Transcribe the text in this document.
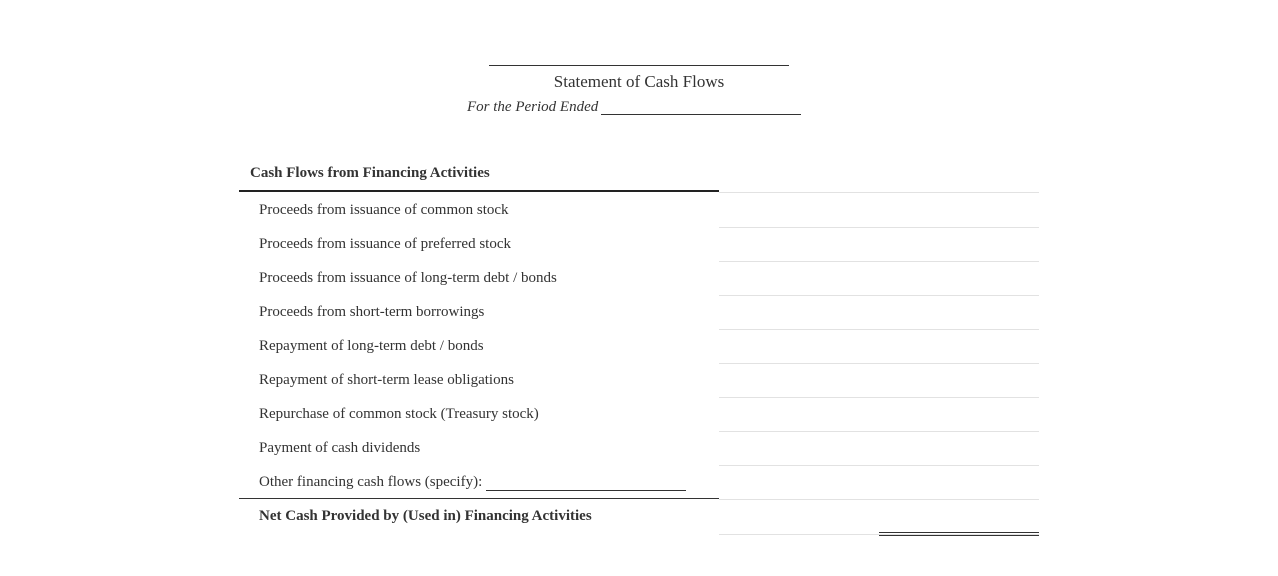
Statement of Cash Flows
For the Period Ended
Cash Flows from Financing Activities
Proceeds from issuance of common stock
Proceeds from issuance of preferred stock
Proceeds from issuance of long-term debt / bonds
Proceeds from short-term borrowings
Repayment of long-term debt / bonds
Repayment of short-term lease obligations
Repurchase of common stock (Treasury stock)
Payment of cash dividends
Other financing cash flows (specify):
Net Cash Provided by (Used in) Financing Activities
